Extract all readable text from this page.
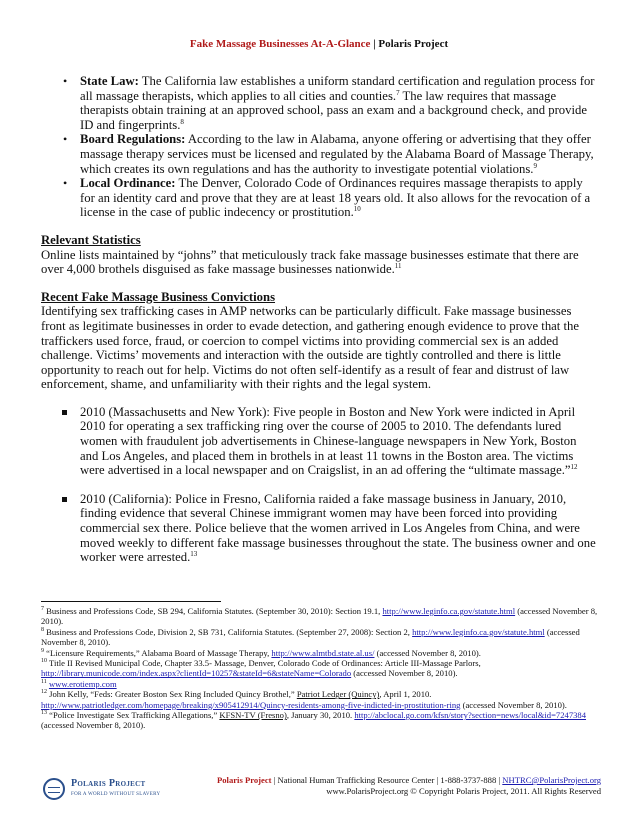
Fake Massage Businesses At-A-Glance | Polaris Project
• State Law: The California law establishes a uniform standard certification and regulation process for all massage therapists, which applies to all cities and counties.$^7$ The law requires that massage therapists obtain training at an approved school, pass an exam and a background check, and provide ID and fingerprints.$^8$
• Board Regulations: According to the law in Alabama, anyone offering or advertising that they offer massage therapy services must be licensed and regulated by the Alabama Board of Massage Therapy, which creates its own regulations and has the authority to investigate potential violations.$^9$
• Local Ordinance: The Denver, Colorado Code of Ordinances requires massage therapists to apply for an identity card and prove that they are at least 18 years old. It also allows for the revocation of a license in the case of public indecency or prostitution.$^{10}$
Relevant Statistics
Online lists maintained by “johns” that meticulously track fake massage businesses estimate that there are over 4,000 brothels disguised as fake massage businesses nationwide.$^{11}$
Recent Fake Massage Business Convictions
Identifying sex trafficking cases in AMP networks can be particularly difficult. Fake massage businesses front as legitimate businesses in order to evade detection, and gathering enough evidence to prove that the traffickers used force, fraud, or coercion to compel victims into providing commercial sex is an added challenge. Victims’ movements and interaction with the outside are tightly controlled and there is little opportunity to reach out for help. Victims do not often self-identify as a result of fear and distrust of law enforcement, shame, and unfamiliarity with their rights and the legal system.
2010 (Massachusetts and New York): Five people in Boston and New York were indicted in April 2010 for operating a sex trafficking ring over the course of 2005 to 2010. The defendants lured women with fraudulent job advertisements in Chinese-language newspapers in New York, Boston and Los Angeles, and placed them in brothels in at least 11 towns in the Boston area. The victims were advertised in a local newspaper and on Craigslist, in an ad offering the “ultimate massage.”$^{12}$
2010 (California): Police in Fresno, California raided a fake massage business in January, 2010, finding evidence that several Chinese immigrant women may have been forced into providing commercial sex there. Police believe that the women arrived in Los Angeles from China, and were moved weekly to different fake massage businesses throughout the state. The business owner and one worker were arrested.$^{13}$

$^7$ Business and Professions Code, SB 294, California Statutes. (September 30, 2010): Section 19.1, http://www.leginfo.ca.gov/statute.html (accessed November 8, 2010).

$^8$ Business and Professions Code, Division 2, SB 731, California Statutes. (September 27, 2008): Section 2, http://www.leginfo.ca.gov/statute.html (accessed November 8, 2010).

$^9$ “Licensure Requirements,” Alabama Board of Massage Therapy, http://www.almtbd.state.al.us/ (accessed November 8, 2010).

$^{10}$ Title II Revised Municipal Code, Chapter 33.5- Massage, Denver, Colorado Code of Ordinances: Article III-Massage Parlors, http://library.municode.com/index.aspx?clientId=10257&stateId=6&stateName=Colorado (accessed November 8, 2010).

$^{11}$ www.erotiemp.com

$^{12}$ John Kelly, “Feds: Greater Boston Sex Ring Included Quincy Brothel,” Patriot Ledger (Quincy), April 1, 2010. http://www.patriotledger.com/homepage/breaking/x905412914/Quincy-residents-among-five-indicted-in-prostitution-ring (accessed November 8, 2010).

$^{13}$ “Police Investigate Sex Trafficking Allegations,” KFSN-TV (Fresno), January 30, 2010. http://abclocal.go.com/kfsn/story?section=news/local&id=7247384 (accessed November 8, 2010).

Polaris Project
FOR A WORLD WITHOUT SLAVERY
Polaris Project | National Human Trafficking Resource Center | 1-888-3737-888 | NHTRC@PolarisProject.org
www.PolarisProject.org © Copyright Polaris Project, 2011. All Rights Reserved
